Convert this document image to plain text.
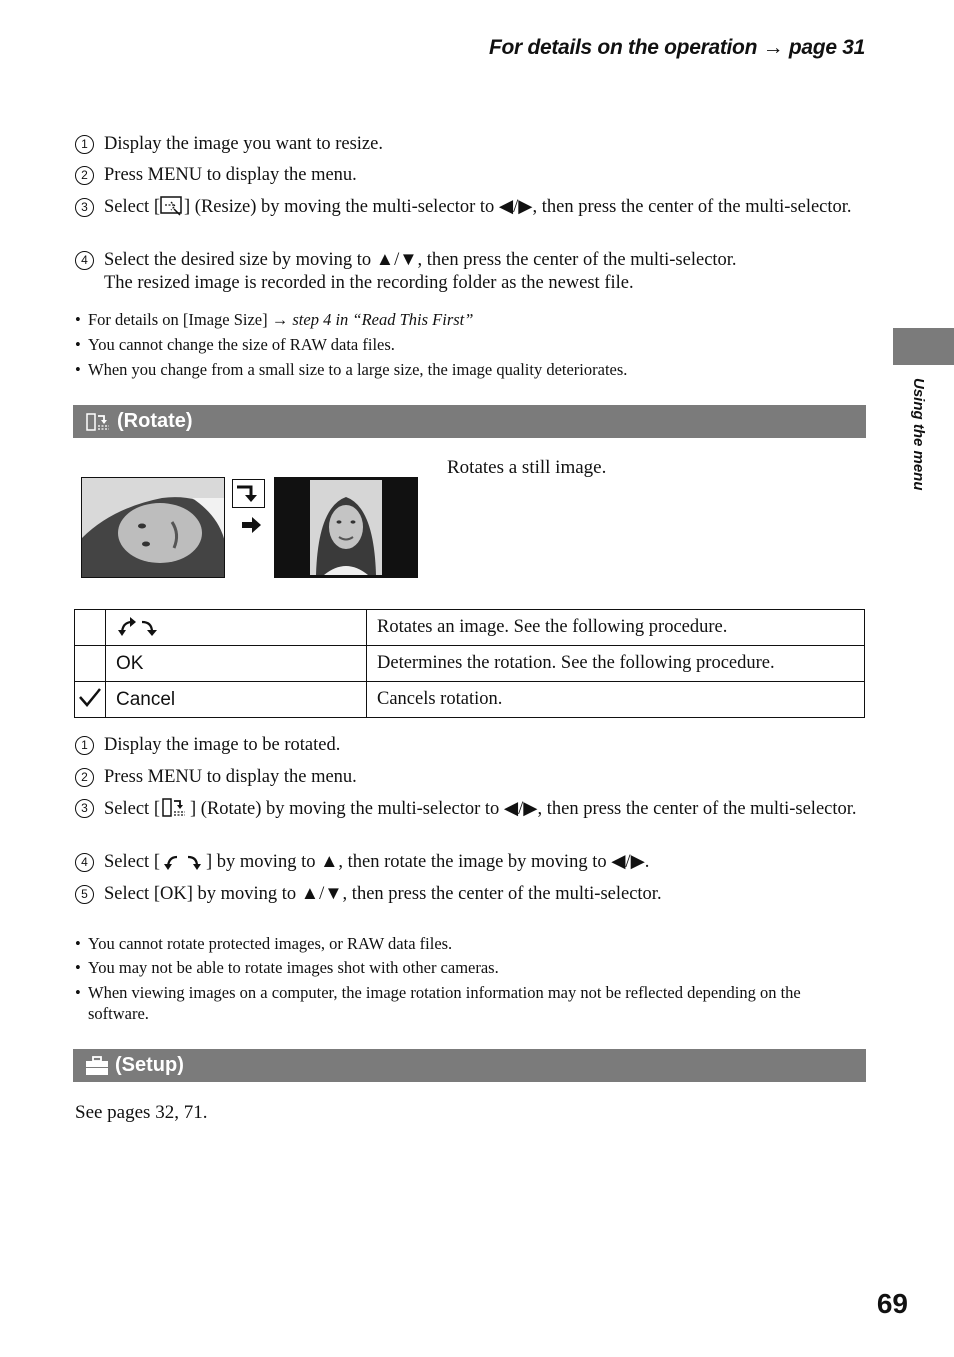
For details on the operation → page 31
Using the menu
1 Display the image you want to resize.
2 Press MENU to display the menu.
3 Select [ ] (Resize) by moving the multi-selector to ◀/▶, then press the center of the multi-selector.
4 Select the desired size by moving to ▲/▼, then press the center of the multi-selector.
The resized image is recorded in the recording folder as the newest file.
• For details on [Image Size] → step 4 in “Read This First”
• You cannot change the size of RAW data files.
• When you change from a small size to a large size, the image quality deteriorates.
(Rotate)
Rotates a still image.
		Rotates an image. See the following procedure.
	OK	Determines the rotation. See the following procedure.
	Cancel	Cancels rotation.
1 Display the image to be rotated.
2 Press MENU to display the menu.
3 Select [ ] (Rotate) by moving the multi-selector to ◀/▶, then press the center of the multi-selector.
4 Select [ ] by moving to ▲, then rotate the image by moving to ◀/▶.
5 Select [OK] by moving to ▲/▼, then press the center of the multi-selector.
• You cannot rotate protected images, or RAW data files.
• You may not be able to rotate images shot with other cameras.
• When viewing images on a computer, the image rotation information may not be reflected depending on the software.
(Setup)
See pages 32, 71.
69
